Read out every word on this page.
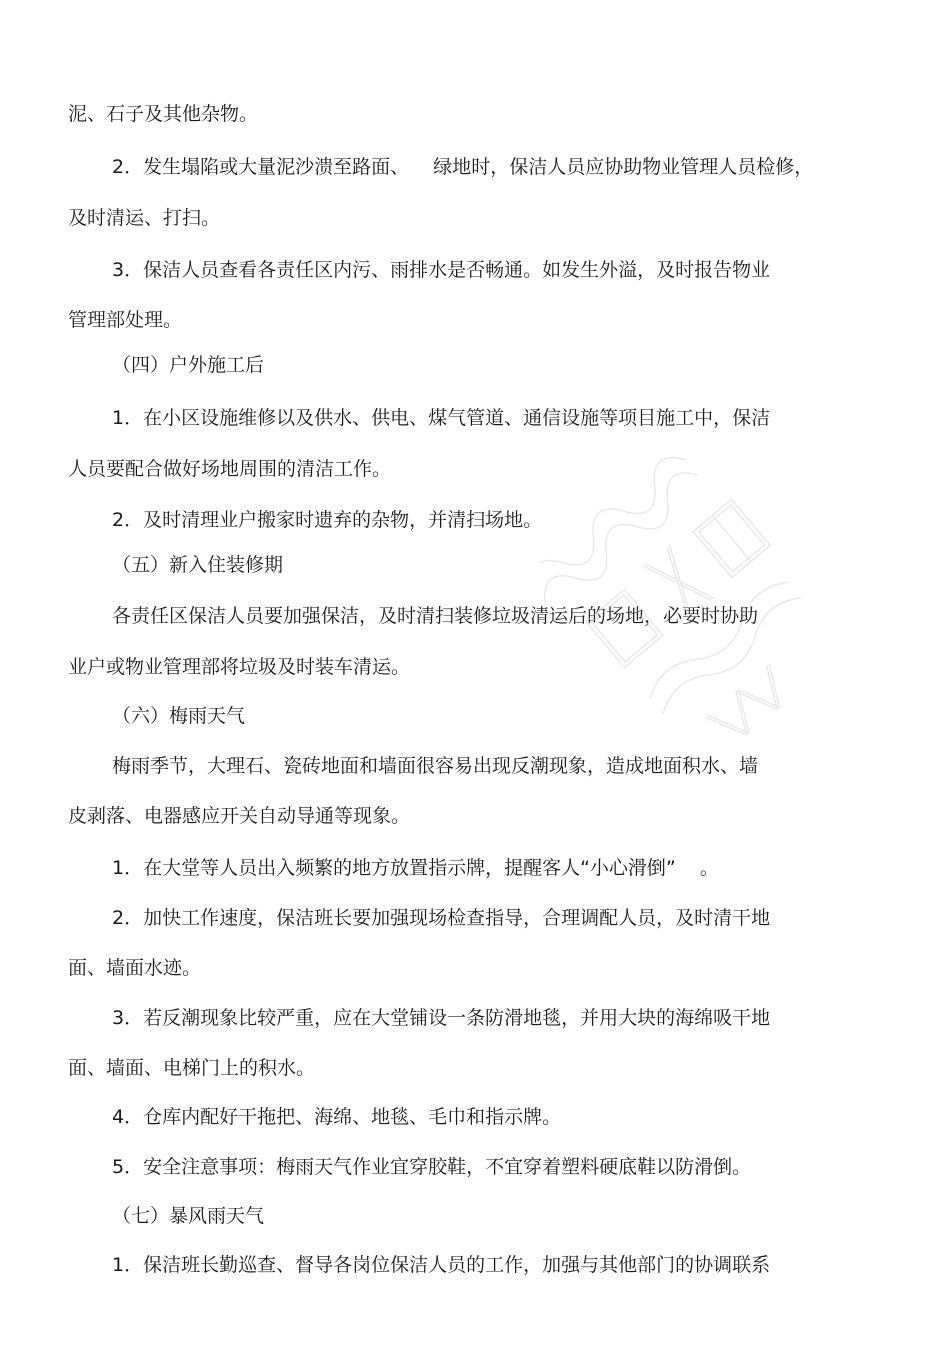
泥、石子及其他杂物。
2．发生塌陷或大量泥沙溃至路面、    绿地时，保洁人员应协助物业管理人员检修，
及时清运、打扫。
3．保洁人员查看各责任区内污、雨排水是否畅通。如发生外溢，及时报告物业
管理部处理。
（四）户外施工后
1．在小区设施维修以及供水、供电、煤气管道、通信设施等项目施工中，保洁
人员要配合做好场地周围的清洁工作。
2．及时清理业户搬家时遗弃的杂物，并清扫场地。
（五）新入住装修期
各责任区保洁人员要加强保洁，及时清扫装修垃圾清运后的场地，必要时协助
业户或物业管理部将垃圾及时装车清运。
（六）梅雨天气
梅雨季节，大理石、瓷砖地面和墙面很容易出现反潮现象，造成地面积水、墙
皮剥落、电器感应开关自动导通等现象。
1．在大堂等人员出入频繁的地方放置指示牌，提醒客人“小心滑倒”    。
2．加快工作速度，保洁班长要加强现场检查指导，合理调配人员，及时清干地
面、墙面水迹。
3．若反潮现象比较严重，应在大堂铺设一条防滑地毯，并用大块的海绵吸干地
面、墙面、电梯门上的积水。
4．仓库内配好干拖把、海绵、地毯、毛巾和指示牌。
5．安全注意事项：梅雨天气作业宜穿胶鞋，不宜穿着塑料硬底鞋以防滑倒。
（七）暴风雨天气
1．保洁班长勤巡查、督导各岗位保洁人员的工作，加强与其他部门的协调联系
